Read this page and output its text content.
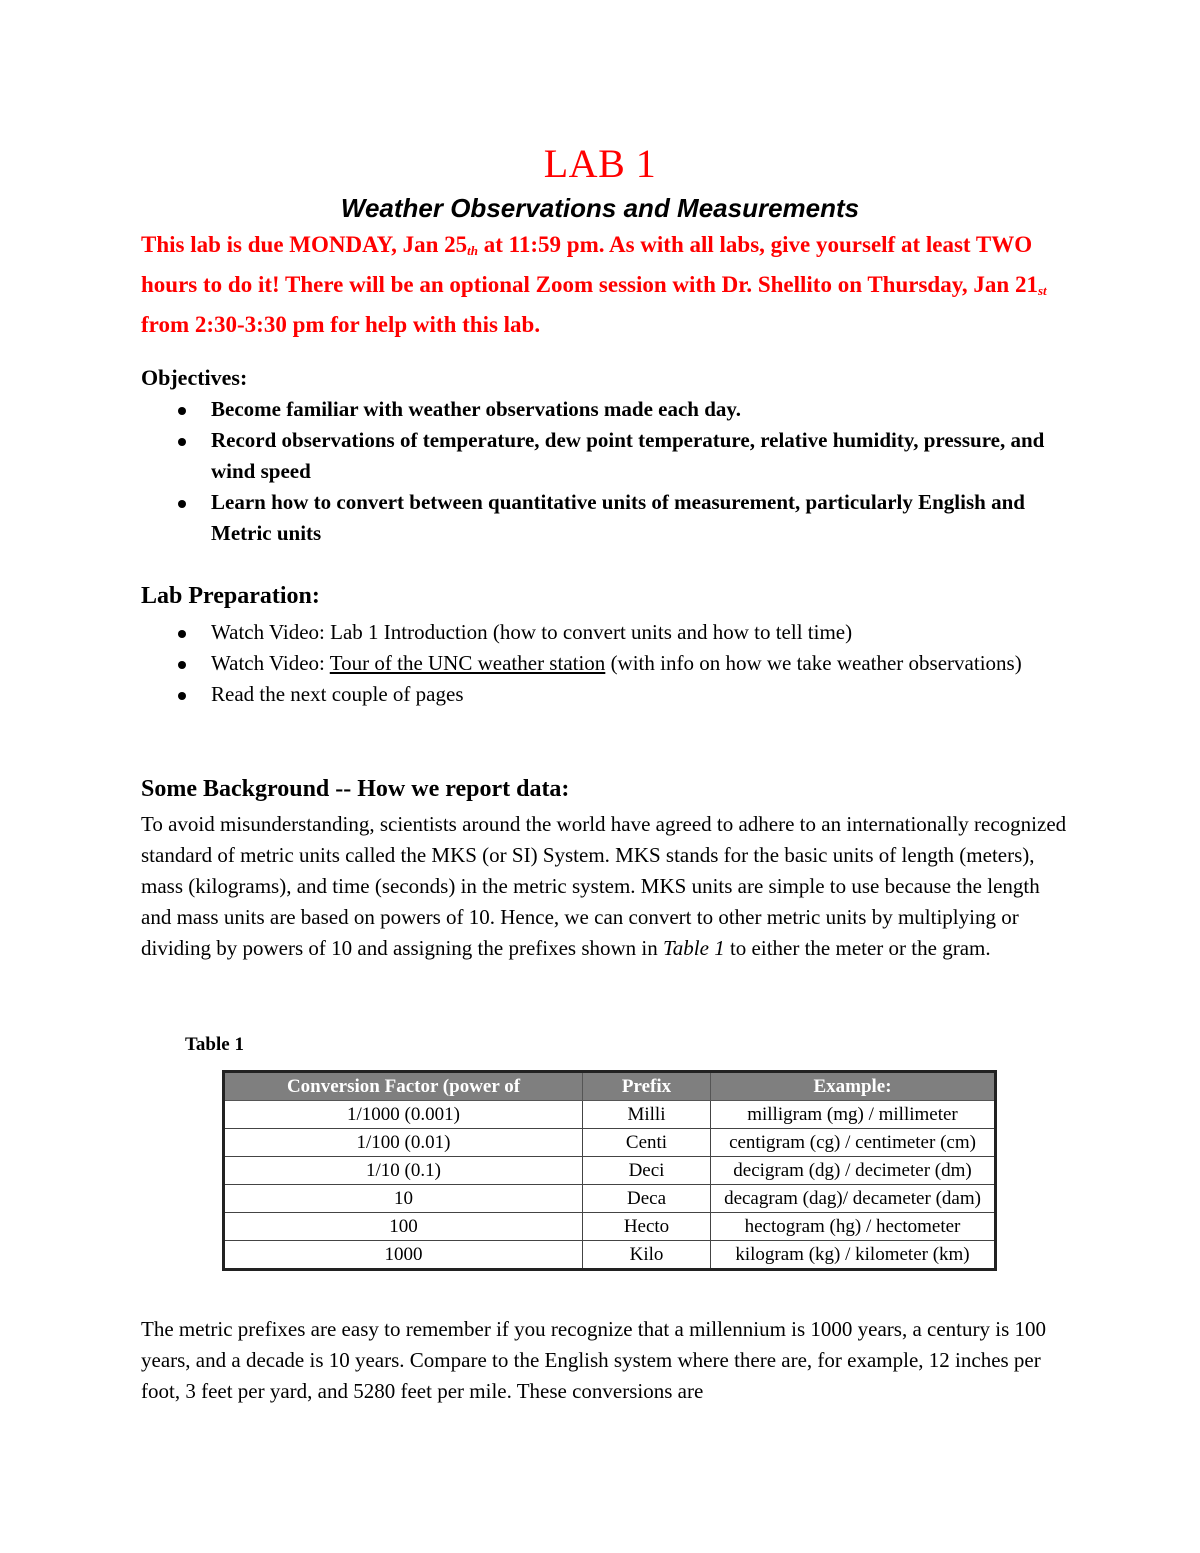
LAB 1
Weather Observations and Measurements
This lab is due MONDAY, Jan $25_{th}$ at 11:59 pm. As with all labs, give yourself at least TWO hours to do it! There will be an optional Zoom session with Dr. Shellito on Thursday, Jan $21_{st}$ from 2:30-3:30 pm for help with this lab.
Objectives:
Become familiar with weather observations made each day.
Record observations of temperature, dew point temperature, relative humidity, pressure, and wind speed
Learn how to convert between quantitative units of measurement, particularly English and Metric units
Lab Preparation:
Watch Video: Lab 1 Introduction (how to convert units and how to tell time)
Watch Video: Tour of the UNC weather station (with info on how we take weather observations)
Read the next couple of pages
Some Background -- How we report data:

To avoid misunderstanding, scientists around the world have agreed to adhere to an internationally recognized standard of metric units called the MKS (or SI) System. MKS stands for the basic units of length (meters), mass (kilograms), and time (seconds) in the metric system. MKS units are simple to use because the length and mass units are based on powers of 10. Hence, we can convert to other metric units by multiplying or dividing by powers of 10 and assigning the prefixes shown in Table 1 to either the meter or the gram.

Table 1
Conversion Factor (power of	Prefix	Example:
1/1000 (0.001)	Milli	milligram (mg) / millimeter
1/100 (0.01)	Centi	centigram (cg) / centimeter (cm)
1/10 (0.1)	Deci	decigram (dg) / decimeter (dm)
10	Deca	decagram (dag)/ decameter (dam)
100	Hecto	hectogram (hg) / hectometer
1000	Kilo	kilogram (kg) / kilometer (km)

The metric prefixes are easy to remember if you recognize that a millennium is 1000 years, a century is 100 years, and a decade is 10 years. Compare to the English system where there are, for example, 12 inches per foot, 3 feet per yard, and 5280 feet per mile. These conversions are
